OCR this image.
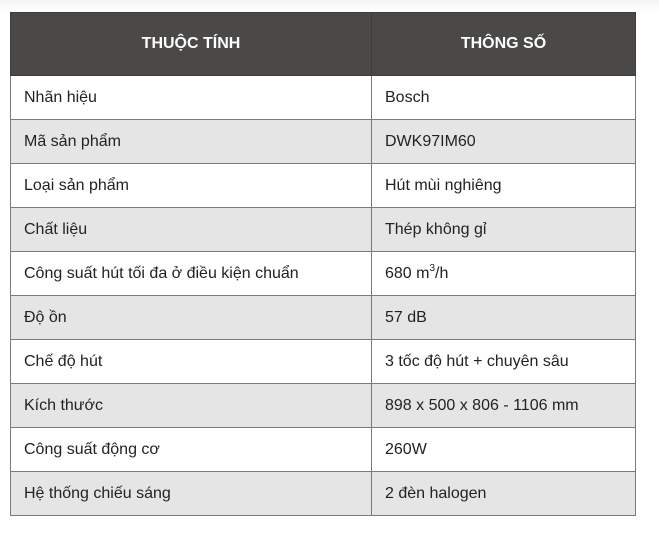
THUỘC TÍNH	THÔNG SỐ
Nhãn hiệu	Bosch
Mã sản phẩm	DWK97IM60
Loại sản phẩm	Hút mùi nghiêng
Chất liệu	Thép không gỉ
Công suất hút tối đa ở điều kiện chuẩn	680 $m^3/h$
Độ ồn	57 dB
Chế độ hút	3 tốc độ hút + chuyên sâu
Kích thước	898 x 500 x 806 - 1106 mm
Công suất động cơ	260W
Hệ thống chiếu sáng	2 đèn halogen
